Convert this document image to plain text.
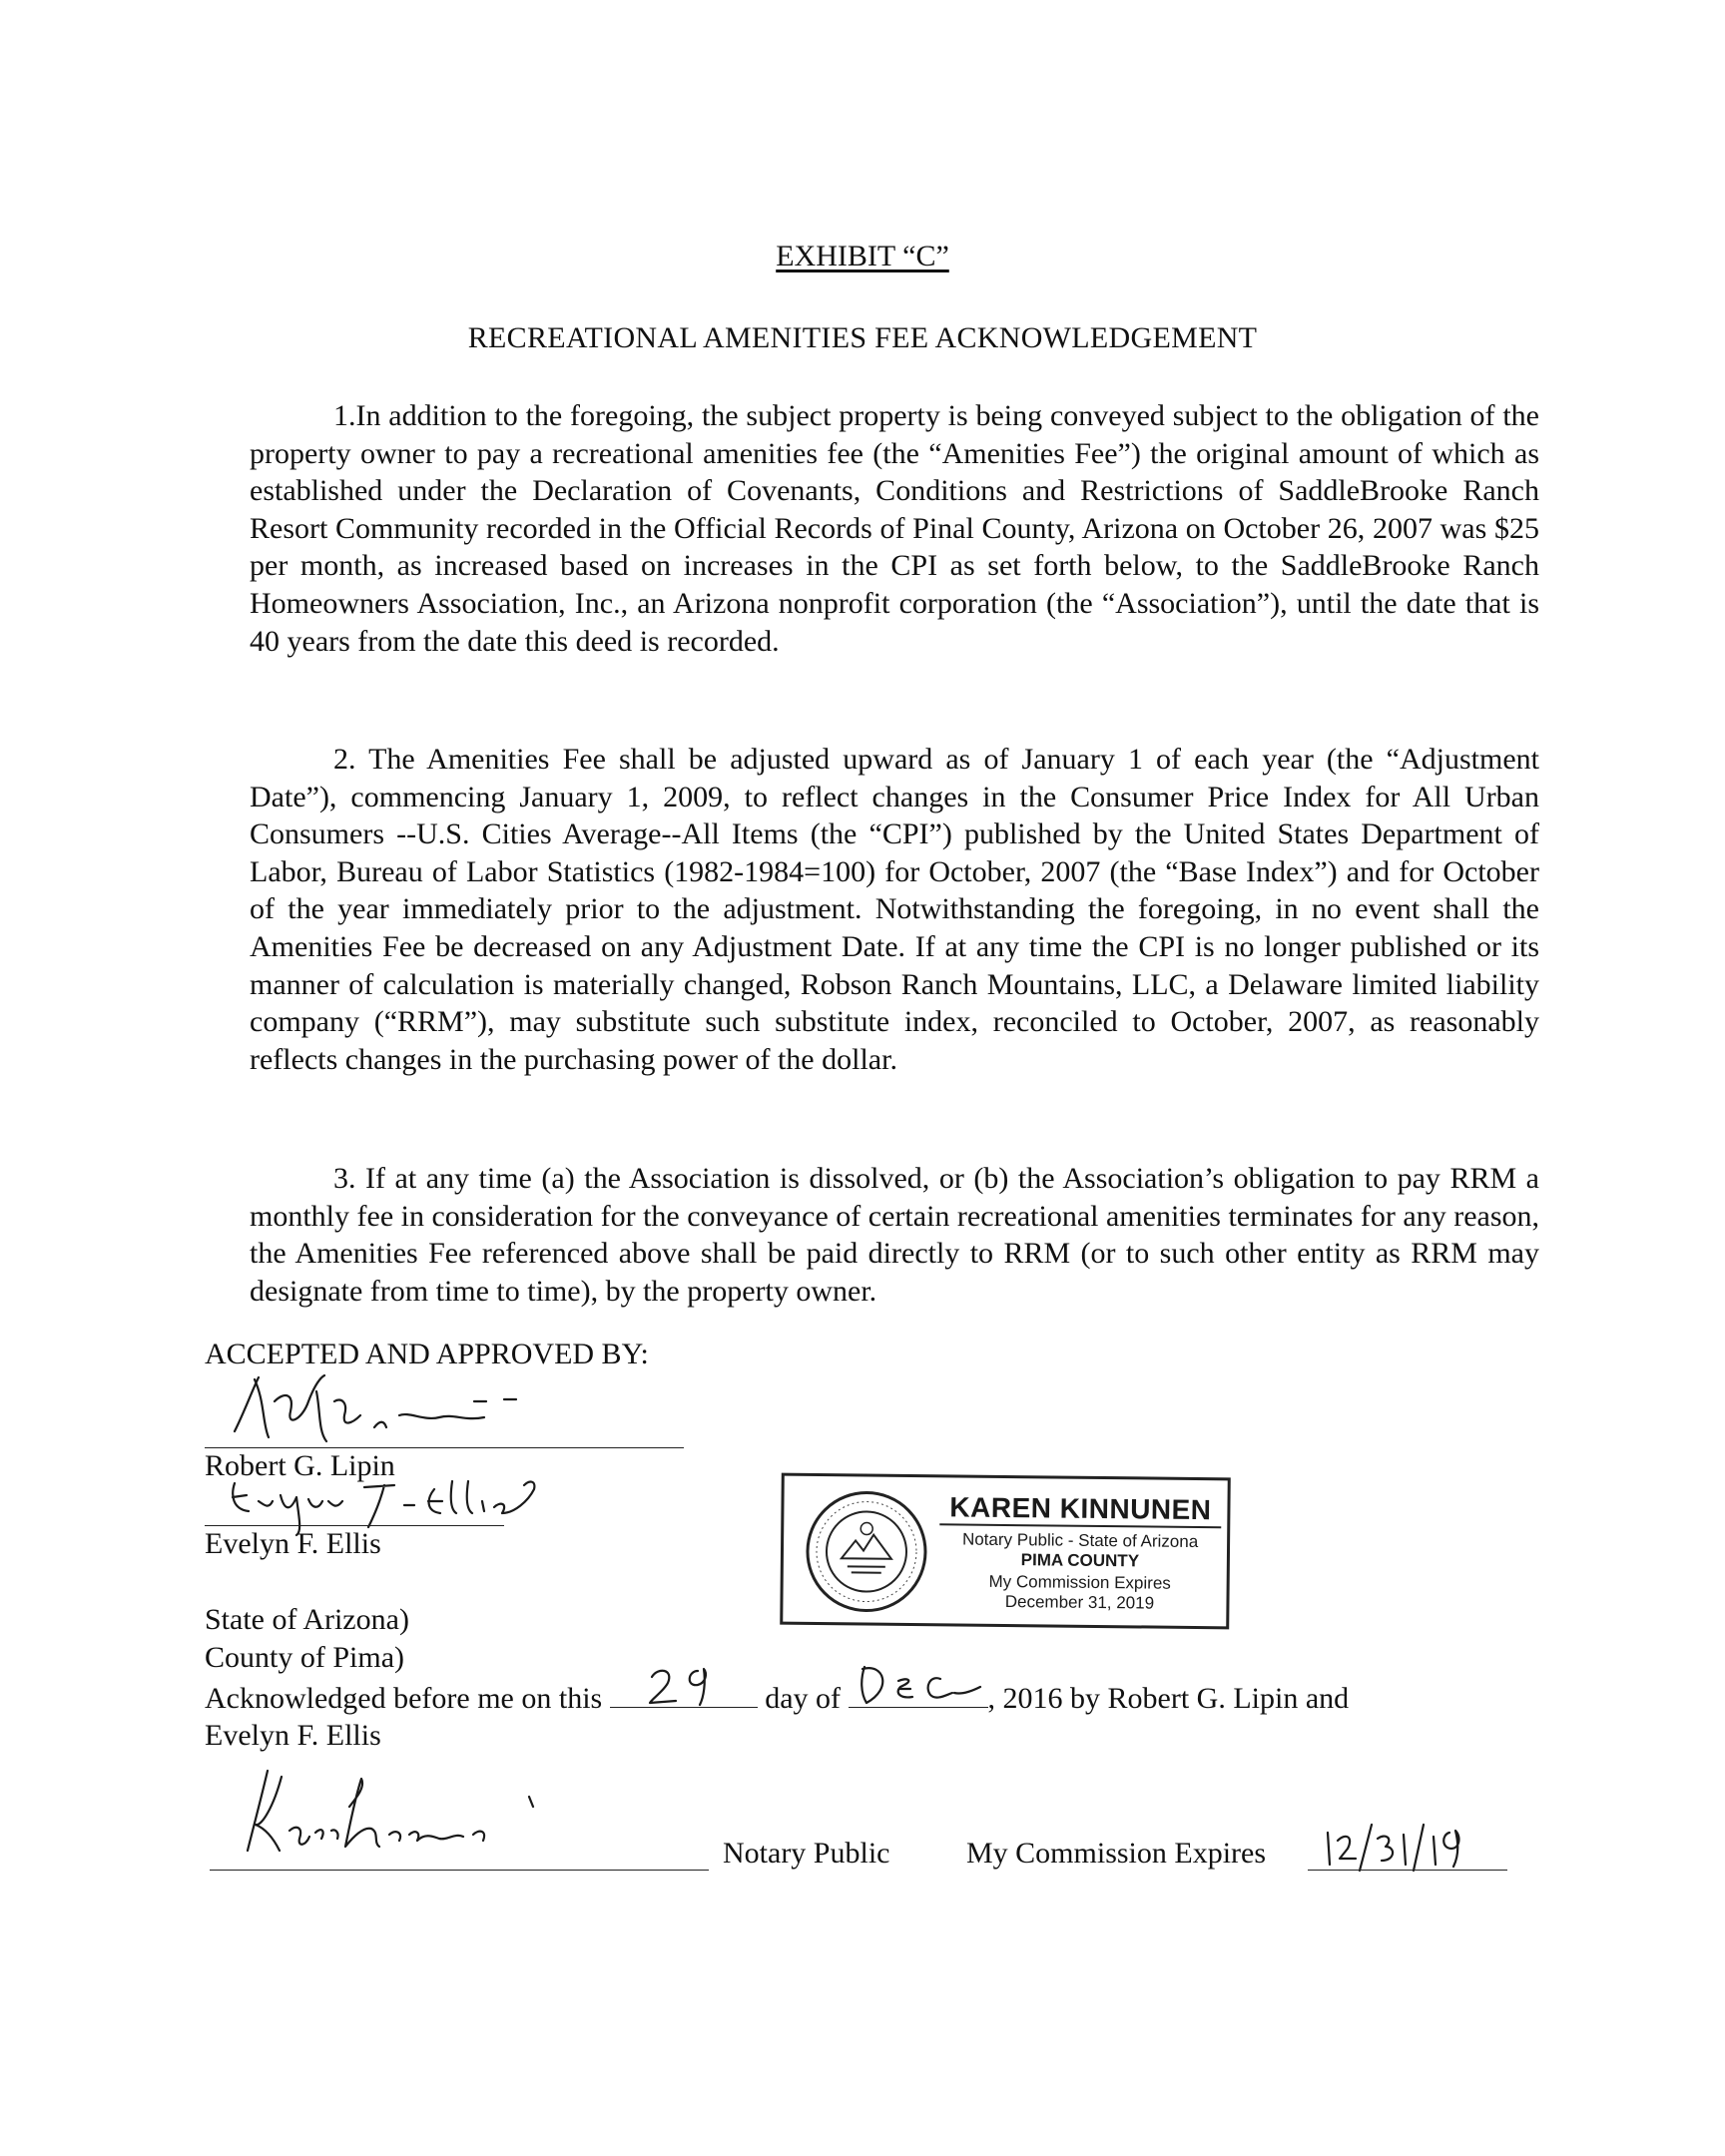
EXHIBIT “C”
RECREATIONAL AMENITIES FEE ACKNOWLEDGEMENT

1.In addition to the foregoing, the subject property is being conveyed subject to the obligation of the property owner to pay a recreational amenities fee (the “Amenities Fee”) the original amount of which as established under the Declaration of Covenants, Conditions and Restrictions of SaddleBrooke Ranch Resort Community recorded in the Official Records of Pinal County, Arizona on October 26, 2007 was $25 per month, as increased based on increases in the CPI as set forth below, to the SaddleBrooke Ranch Homeowners Association, Inc., an Arizona nonprofit corporation (the “Association”), until the date that is 40 years from the date this deed is recorded.

2. The Amenities Fee shall be adjusted upward as of January 1 of each year (the “Adjustment Date”), commencing January 1, 2009, to reflect changes in the Consumer Price Index for All Urban Consumers --U.S. Cities Average--All Items (the “CPI”) published by the United States Department of Labor, Bureau of Labor Statistics (1982-1984=100) for October, 2007 (the “Base Index”) and for October of the year immediately prior to the adjustment. Notwithstanding the foregoing, in no event shall the Amenities Fee be decreased on any Adjustment Date. If at any time the CPI is no longer published or its manner of calculation is materially changed, Robson Ranch Mountains, LLC, a Delaware limited liability company (“RRM”), may substitute such substitute index, reconciled to October, 2007, as reasonably reflects changes in the purchasing power of the dollar.

3. If at any time (a) the Association is dissolved, or (b) the Association’s obligation to pay RRM a monthly fee in consideration for the conveyance of certain recreational amenities terminates for any reason, the Amenities Fee referenced above shall be paid directly to RRM (or to such other entity as RRM may designate from time to time), by the property owner.

ACCEPTED AND APPROVED BY:
Robert G. Lipin
Evelyn F. Ellis
KAREN KINNUNEN
Notary Public - State of Arizona
PIMA COUNTY
My Commission Expires
December 31, 2019
State of Arizona)
County of Pima)
Acknowledged before me on this	day of	, 2016 by Robert G. Lipin and
Evelyn F. Ellis
Notary Public	My Commission Expires
